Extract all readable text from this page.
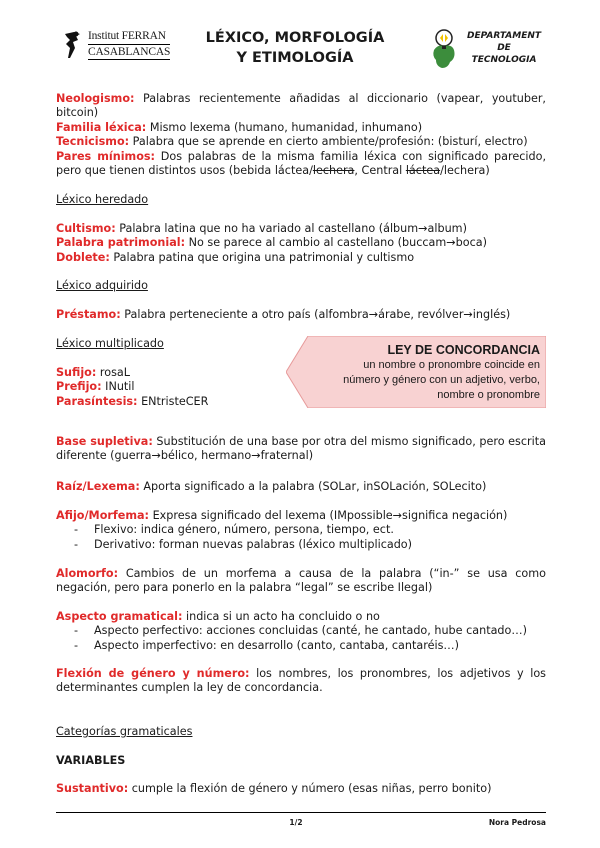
Institut FERRAN
CASABLANCAS
LÉXICO, MORFOLOGÍA
Y ETIMOLOGÍA
DEPARTAMENT
DE
TECNOLOGIA
Neologismo: Palabras recientemente añadidas al diccionario (vapear, youtuber, bitcoin)
Familia léxica: Mismo lexema (humano, humanidad, inhumano)
Tecnicismo: Palabra que se aprende en cierto ambiente/profesión: (bisturí, electro)
Pares mínimos: Dos palabras de la misma familia léxica con significado parecido, pero que tienen distintos usos (bebida láctea/lechera, Central láctea/lechera)
Léxico heredado
Cultismo: Palabra latina que no ha variado al castellano (álbum→album)
Palabra patrimonial: No se parece al cambio al castellano (buccam→boca)
Doblete: Palabra patina que origina una patrimonial y cultismo
Léxico adquirido
Préstamo: Palabra perteneciente a otro país (alfombra→árabe, revólver→inglés)
Léxico multiplicado
Sufijo: rosaL
Prefijo: INutil
Parasíntesis: ENtristeCER
LEY DE CONCORDANCIA
un nombre o pronombre coincide en
número y género con un adjetivo, verbo,
nombre o pronombre
Base supletiva: Substitución de una base por otra del mismo significado, pero escrita diferente (guerra→bélico, hermano→fraternal)
Raíz/Lexema: Aporta significado a la palabra (SOLar, inSOLación, SOLecito)
Afijo/Morfema: Expresa significado del lexema (IMpossible→significa negación)
- Flexivo: indica género, número, persona, tiempo, ect.
- Derivativo: forman nuevas palabras (léxico multiplicado)
Alomorfo: Cambios de un morfema a causa de la palabra (“in-” se usa como negación, pero para ponerlo en la palabra “legal” se escribe Ilegal)
Aspecto gramatical: indica si un acto ha concluido o no
- Aspecto perfectivo: acciones concluidas (canté, he cantado, hube cantado…)
- Aspecto imperfectivo: en desarrollo (canto, cantaba, cantaréis…)
Flexión de género y número: los nombres, los pronombres, los adjetivos y los determinantes cumplen la ley de concordancia.
Categorías gramaticales
VARIABLES
Sustantivo: cumple la flexión de género y número (esas niñas, perro bonito)
1/2	Nora Pedrosa
